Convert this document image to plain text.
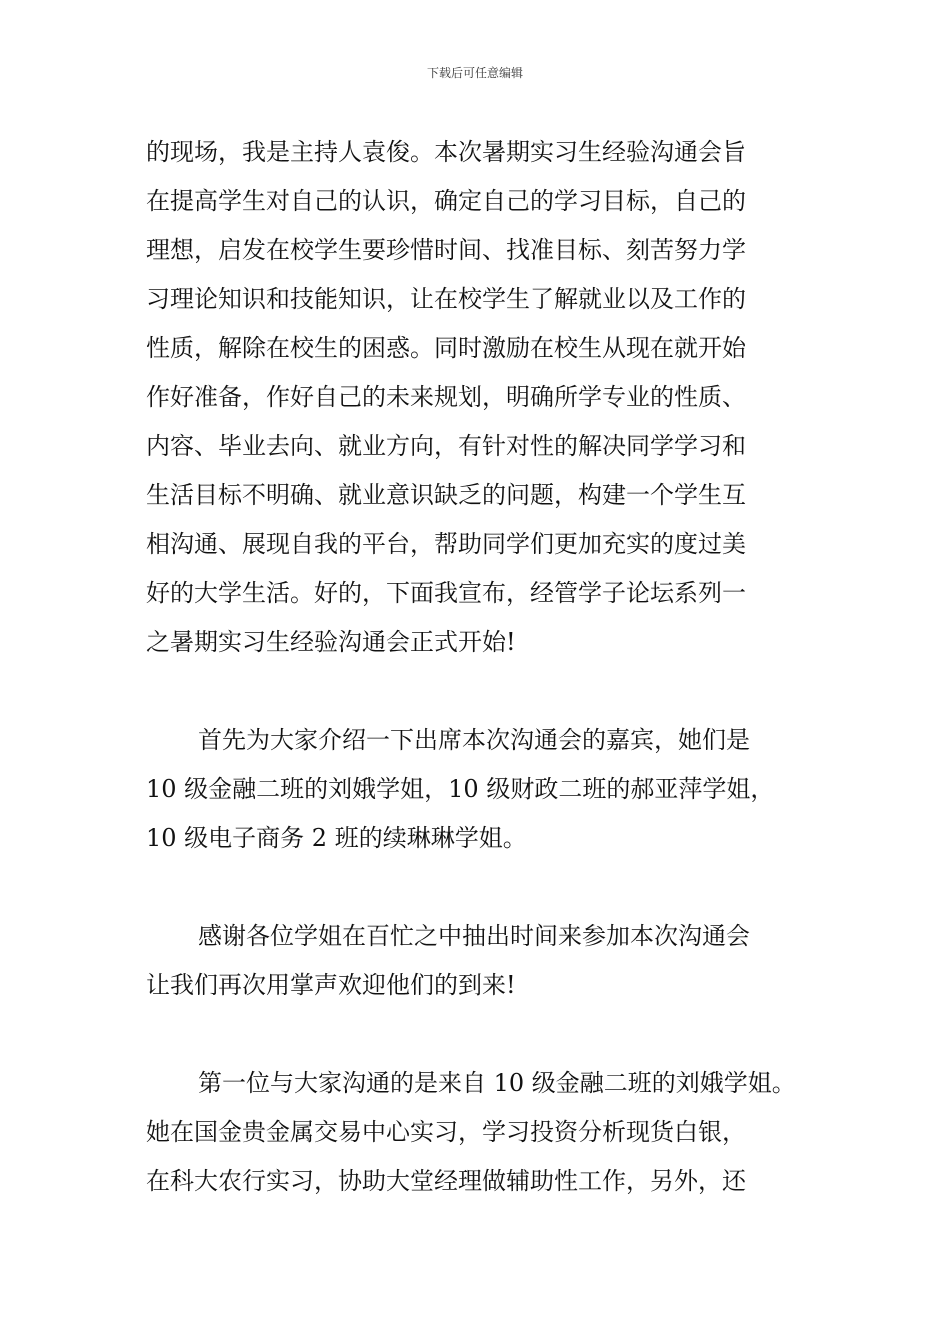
下载后可任意编辑

的现场，我是主持人袁俊。本次暑期实习生经验沟通会旨
在提高学生对自己的认识，确定自己的学习目标，自己的
理想，启发在校学生要珍惜时间、找准目标、刻苦努力学
习理论知识和技能知识，让在校学生了解就业以及工作的
性质，解除在校生的困惑。同时激励在校生从现在就开始
作好准备，作好自己的未来规划，明确所学专业的性质、
内容、毕业去向、就业方向，有针对性的解决同学学习和
生活目标不明确、就业意识缺乏的问题，构建一个学生互
相沟通、展现自我的平台，帮助同学们更加充实的度过美
好的大学生活。好的，下面我宣布，经管学子论坛系列一
之暑期实习生经验沟通会正式开始!

首先为大家介绍一下出席本次沟通会的嘉宾，她们是
10 级金融二班的刘娥学姐，10 级财政二班的郝亚萍学姐，
10 级电子商务 2 班的续琳琳学姐。

感谢各位学姐在百忙之中抽出时间来参加本次沟通会
让我们再次用掌声欢迎他们的到来!

第一位与大家沟通的是来自 10 级金融二班的刘娥学姐。
她在国金贵金属交易中心实习，学习投资分析现货白银，
在科大农行实习，协助大堂经理做辅助性工作，另外，还
